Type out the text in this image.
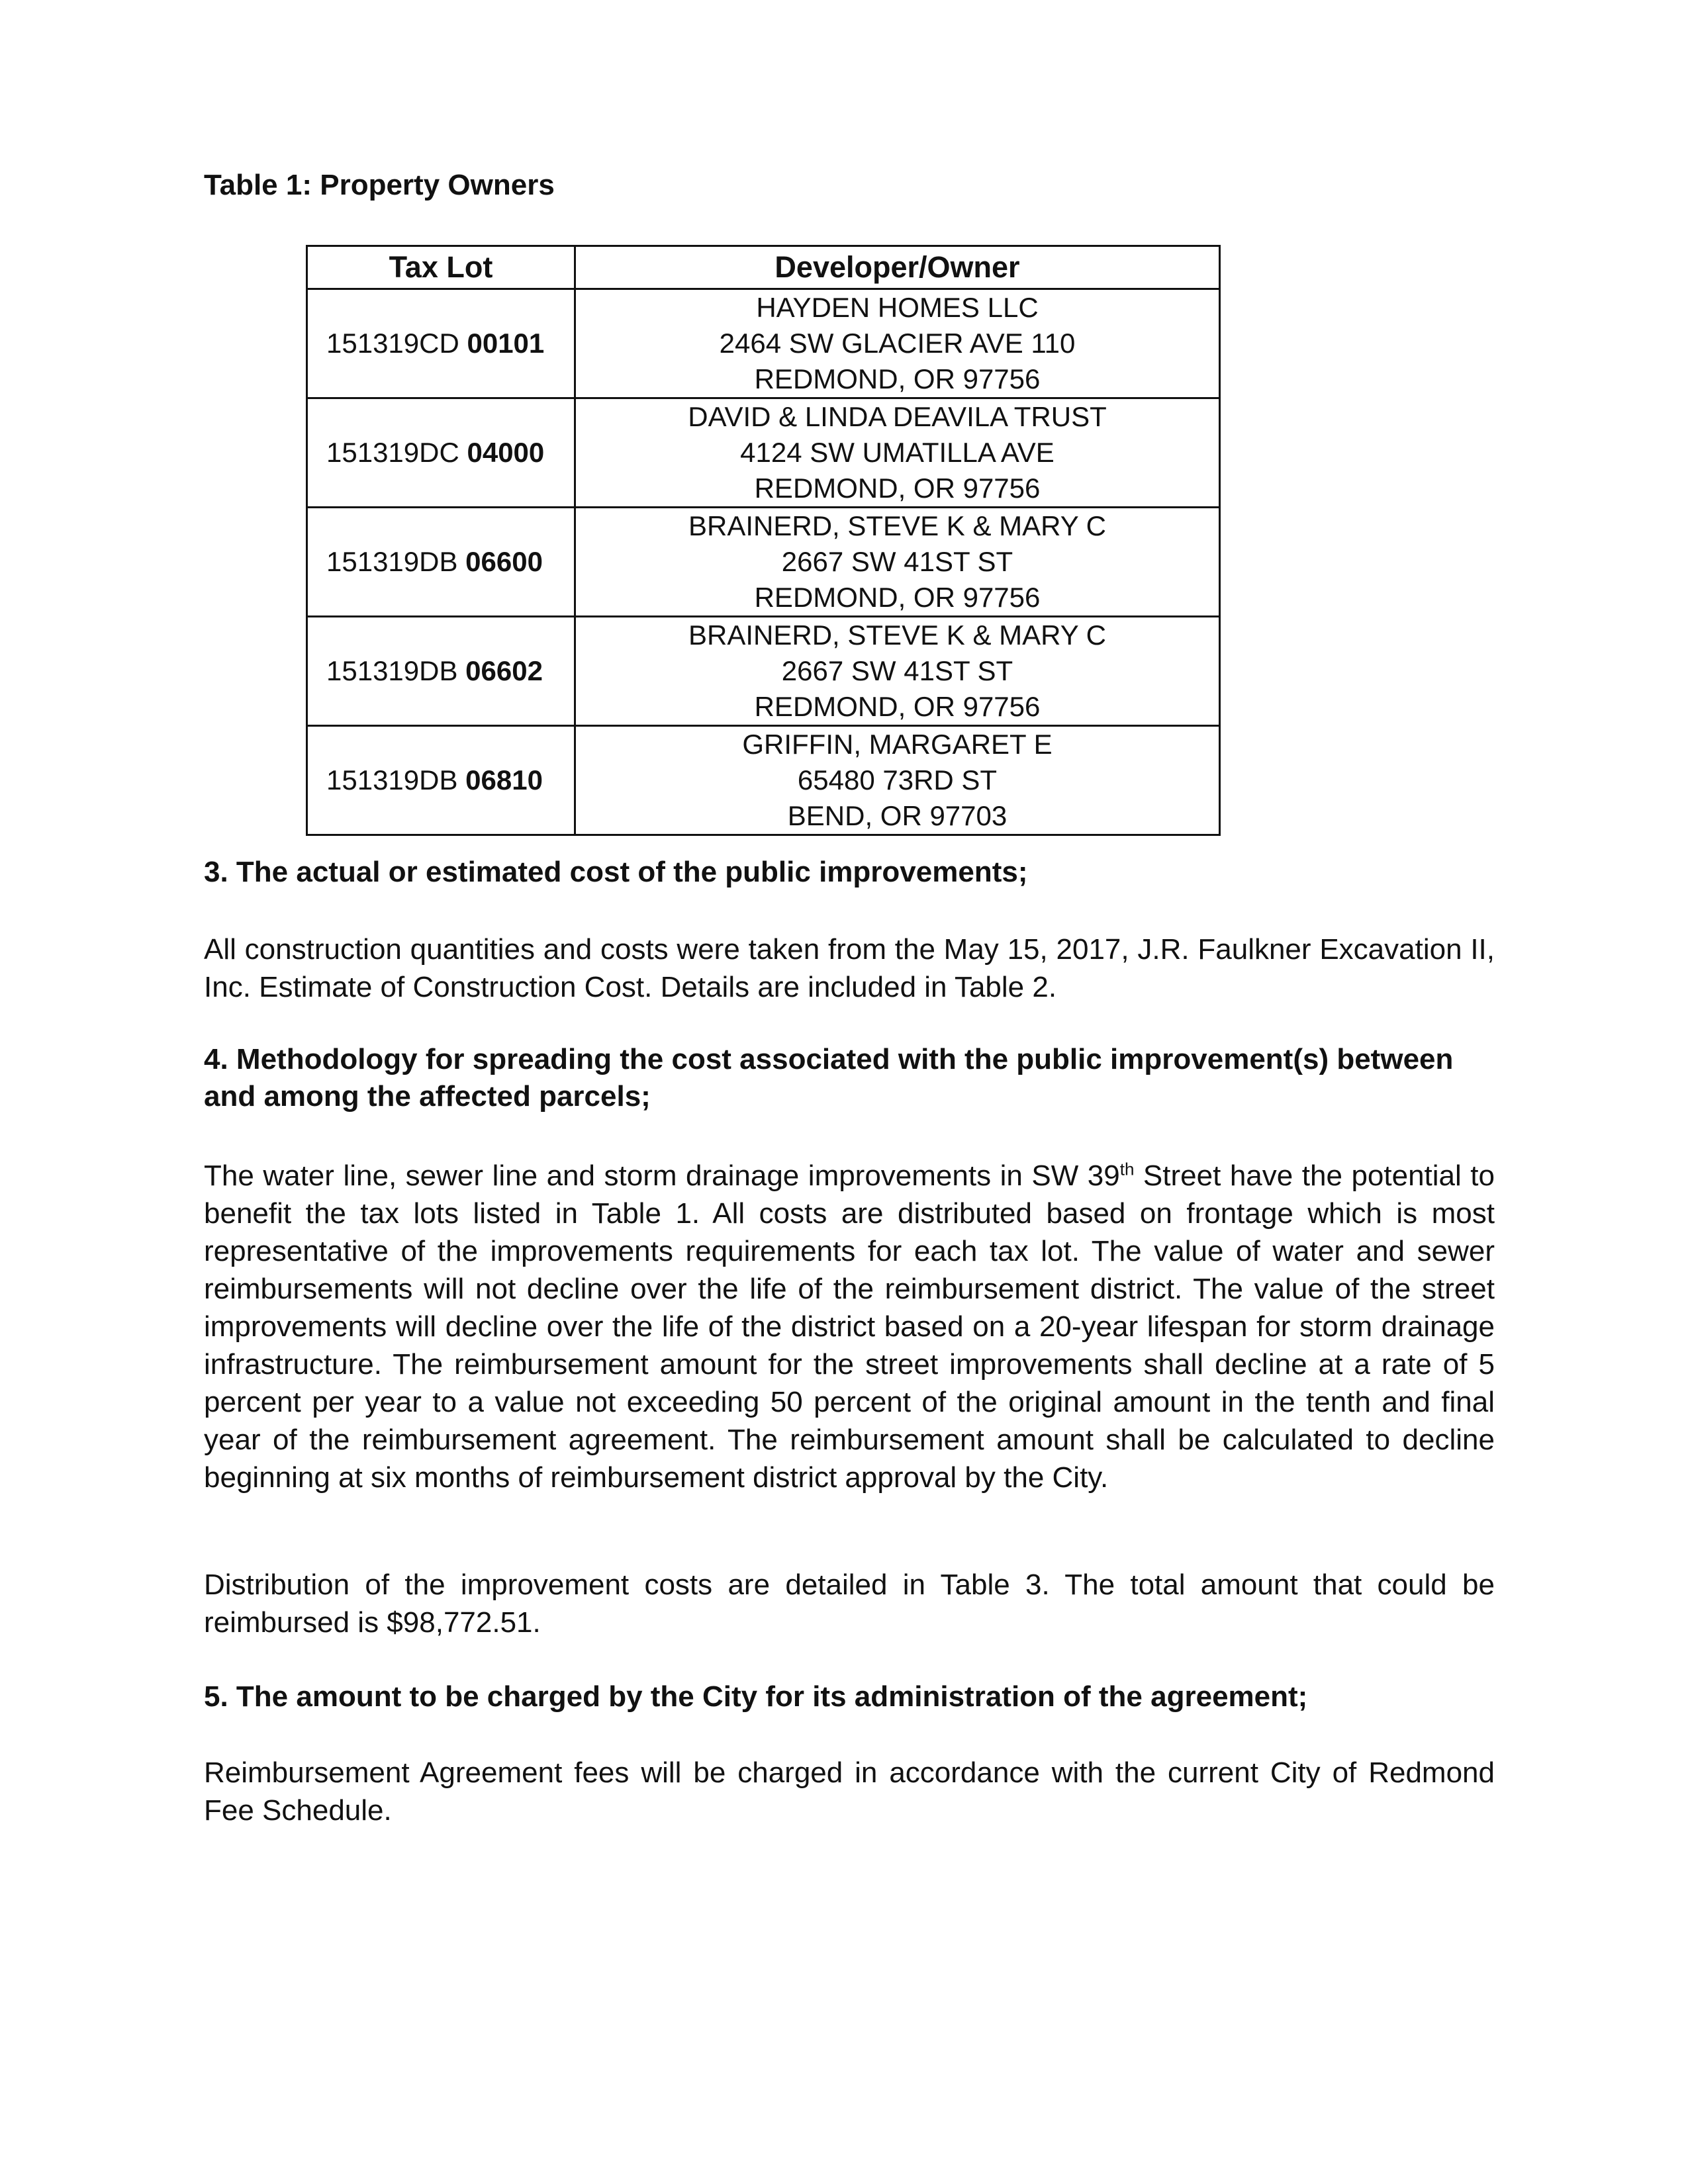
Table 1: Property Owners
Tax Lot	Developer/Owner
151319CD 00101	HAYDEN HOMES LLC
2464 SW GLACIER AVE 110
REDMOND, OR 97756

151319DC 04000	DAVID & LINDA DEAVILA TRUST
4124 SW UMATILLA AVE
REDMOND, OR 97756

151319DB 06600	BRAINERD, STEVE K & MARY C
2667 SW 41ST ST
REDMOND, OR 97756

151319DB 06602	BRAINERD, STEVE K & MARY C
2667 SW 41ST ST
REDMOND, OR 97756

151319DB 06810	GRIFFIN, MARGARET E
65480 73RD ST
BEND, OR 97703

3. The actual or estimated cost of the public improvements;

All construction quantities and costs were taken from the May 15, 2017, J.R. Faulkner Excavation II, Inc. Estimate of Construction Cost. Details are included in Table 2.

4. Methodology for spreading the cost associated with the public improvement(s) between and among the affected parcels;

The water line, sewer line and storm drainage improvements in SW 39th Street have the potential to benefit the tax lots listed in Table 1. All costs are distributed based on frontage which is most representative of the improvements requirements for each tax lot. The value of water and sewer reimbursements will not decline over the life of the reimbursement district. The value of the street improvements will decline over the life of the district based on a 20-year lifespan for storm drainage infrastructure. The reimbursement amount for the street improvements shall decline at a rate of 5 percent per year to a value not exceeding 50 percent of the original amount in the tenth and final year of the reimbursement agreement. The reimbursement amount shall be calculated to decline beginning at six months of reimbursement district approval by the City.

Distribution of the improvement costs are detailed in Table 3. The total amount that could be reimbursed is $98,772.51.

5. The amount to be charged by the City for its administration of the agreement;

Reimbursement Agreement fees will be charged in accordance with the current City of Redmond Fee Schedule.
